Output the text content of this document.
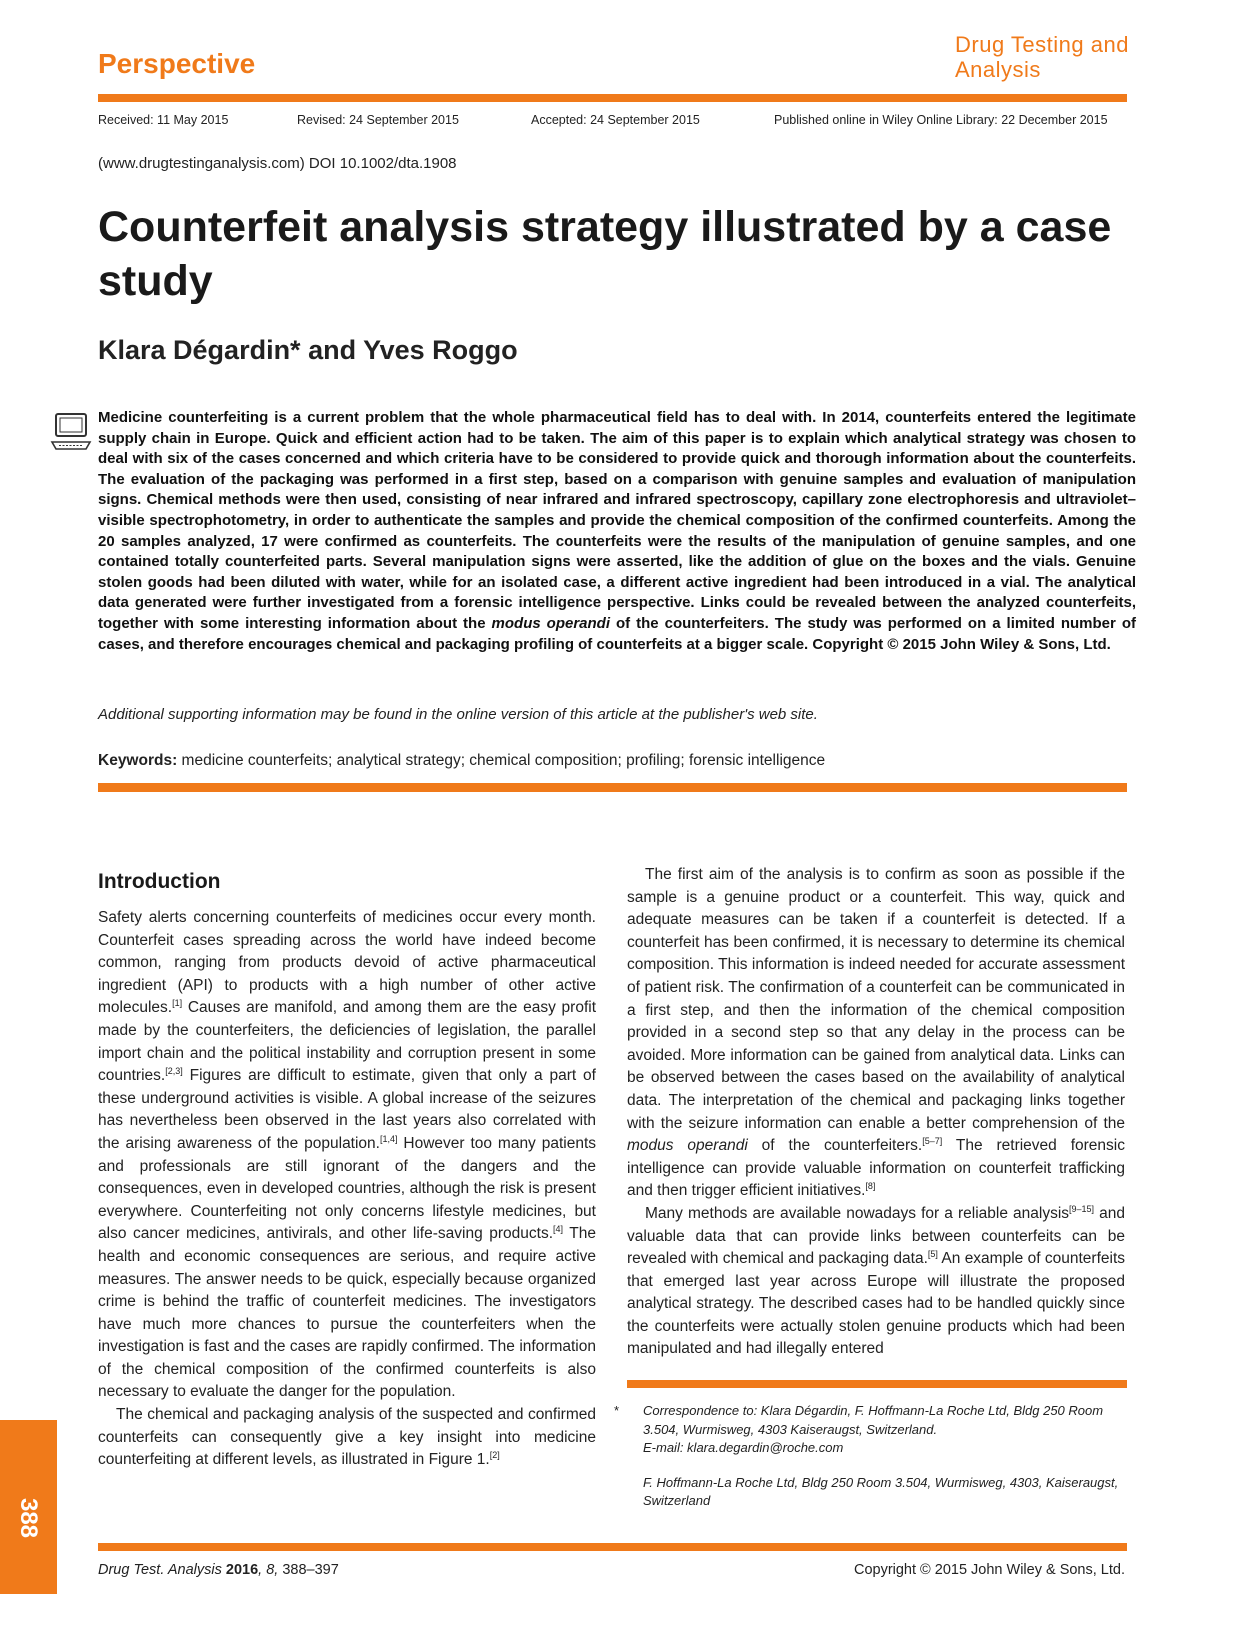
Perspective
Drug Testing and Analysis
Received: 11 May 2015	Revised: 24 September 2015	Accepted: 24 September 2015	Published online in Wiley Online Library: 22 December 2015
(www.drugtestinganalysis.com) DOI 10.1002/dta.1908
Counterfeit analysis strategy illustrated by a case study
Klara Dégardin* and Yves Roggo
Medicine counterfeiting is a current problem that the whole pharmaceutical field has to deal with. In 2014, counterfeits entered the legitimate supply chain in Europe. Quick and efficient action had to be taken. The aim of this paper is to explain which analytical strategy was chosen to deal with six of the cases concerned and which criteria have to be considered to provide quick and thorough information about the counterfeits. The evaluation of the packaging was performed in a first step, based on a comparison with genuine samples and evaluation of manipulation signs. Chemical methods were then used, consisting of near infrared and infrared spectroscopy, capillary zone electrophoresis and ultraviolet–visible spectrophotometry, in order to authenticate the samples and provide the chemical composition of the confirmed counterfeits. Among the 20 samples analyzed, 17 were confirmed as counterfeits. The counterfeits were the results of the manipulation of genuine samples, and one contained totally counterfeited parts. Several manipulation signs were asserted, like the addition of glue on the boxes and the vials. Genuine stolen goods had been diluted with water, while for an isolated case, a different active ingredient had been introduced in a vial. The analytical data generated were further investigated from a forensic intelligence perspective. Links could be revealed between the analyzed counterfeits, together with some interesting information about the modus operandi of the counterfeiters. The study was performed on a limited number of cases, and therefore encourages chemical and packaging profiling of counterfeits at a bigger scale. Copyright © 2015 John Wiley & Sons, Ltd.
Additional supporting information may be found in the online version of this article at the publisher's web site.
Keywords: medicine counterfeits; analytical strategy; chemical composition; profiling; forensic intelligence
Introduction

Safety alerts concerning counterfeits of medicines occur every month. Counterfeit cases spreading across the world have indeed become common, ranging from products devoid of active pharmaceutical ingredient (API) to products with a high number of other active molecules.[1] Causes are manifold, and among them are the easy profit made by the counterfeiters, the deficiencies of legislation, the parallel import chain and the political instability and corruption present in some countries.[2,3] Figures are difficult to estimate, given that only a part of these underground activities is visible. A global increase of the seizures has nevertheless been observed in the last years also correlated with the arising awareness of the population.[1,4] However too many patients and professionals are still ignorant of the dangers and the consequences, even in developed countries, although the risk is present everywhere. Counterfeiting not only concerns lifestyle medicines, but also cancer medicines, antivirals, and other life-saving products.[4] The health and economic consequences are serious, and require active measures. The answer needs to be quick, especially because organized crime is behind the traffic of counterfeit medicines. The investigators have much more chances to pursue the counterfeiters when the investigation is fast and the cases are rapidly confirmed. The information of the chemical composition of the confirmed counterfeits is also necessary to evaluate the danger for the population.

The chemical and packaging analysis of the suspected and confirmed counterfeits can consequently give a key insight into medicine counterfeiting at different levels, as illustrated in Figure 1.[2]

The first aim of the analysis is to confirm as soon as possible if the sample is a genuine product or a counterfeit. This way, quick and adequate measures can be taken if a counterfeit is detected. If a counterfeit has been confirmed, it is necessary to determine its chemical composition. This information is indeed needed for accurate assessment of patient risk. The confirmation of a counterfeit can be communicated in a first step, and then the information of the chemical composition provided in a second step so that any delay in the process can be avoided. More information can be gained from analytical data. Links can be observed between the cases based on the availability of analytical data. The interpretation of the chemical and packaging links together with the seizure information can enable a better comprehension of the modus operandi of the counterfeiters.[5–7] The retrieved forensic intelligence can provide valuable information on counterfeit trafficking and then trigger efficient initiatives.[8]

Many methods are available nowadays for a reliable analysis[9–15] and valuable data that can provide links between counterfeits can be revealed with chemical and packaging data.[5] An example of counterfeits that emerged last year across Europe will illustrate the proposed analytical strategy. The described cases had to be handled quickly since the counterfeits were actually stolen genuine products which had been manipulated and had illegally entered

*	Correspondence to: Klara Dégardin, F. Hoffmann-La Roche Ltd, Bldg 250 Room 3.504, Wurmisweg, 4303 Kaiseraugst, Switzerland.

E-mail: klara.degardin@roche.com

F. Hoffmann-La Roche Ltd, Bldg 250 Room 3.504, Wurmisweg, 4303, Kaiseraugst, Switzerland

388
Drug Test. Analysis 2016, 8, 388–397	Copyright © 2015 John Wiley & Sons, Ltd.
